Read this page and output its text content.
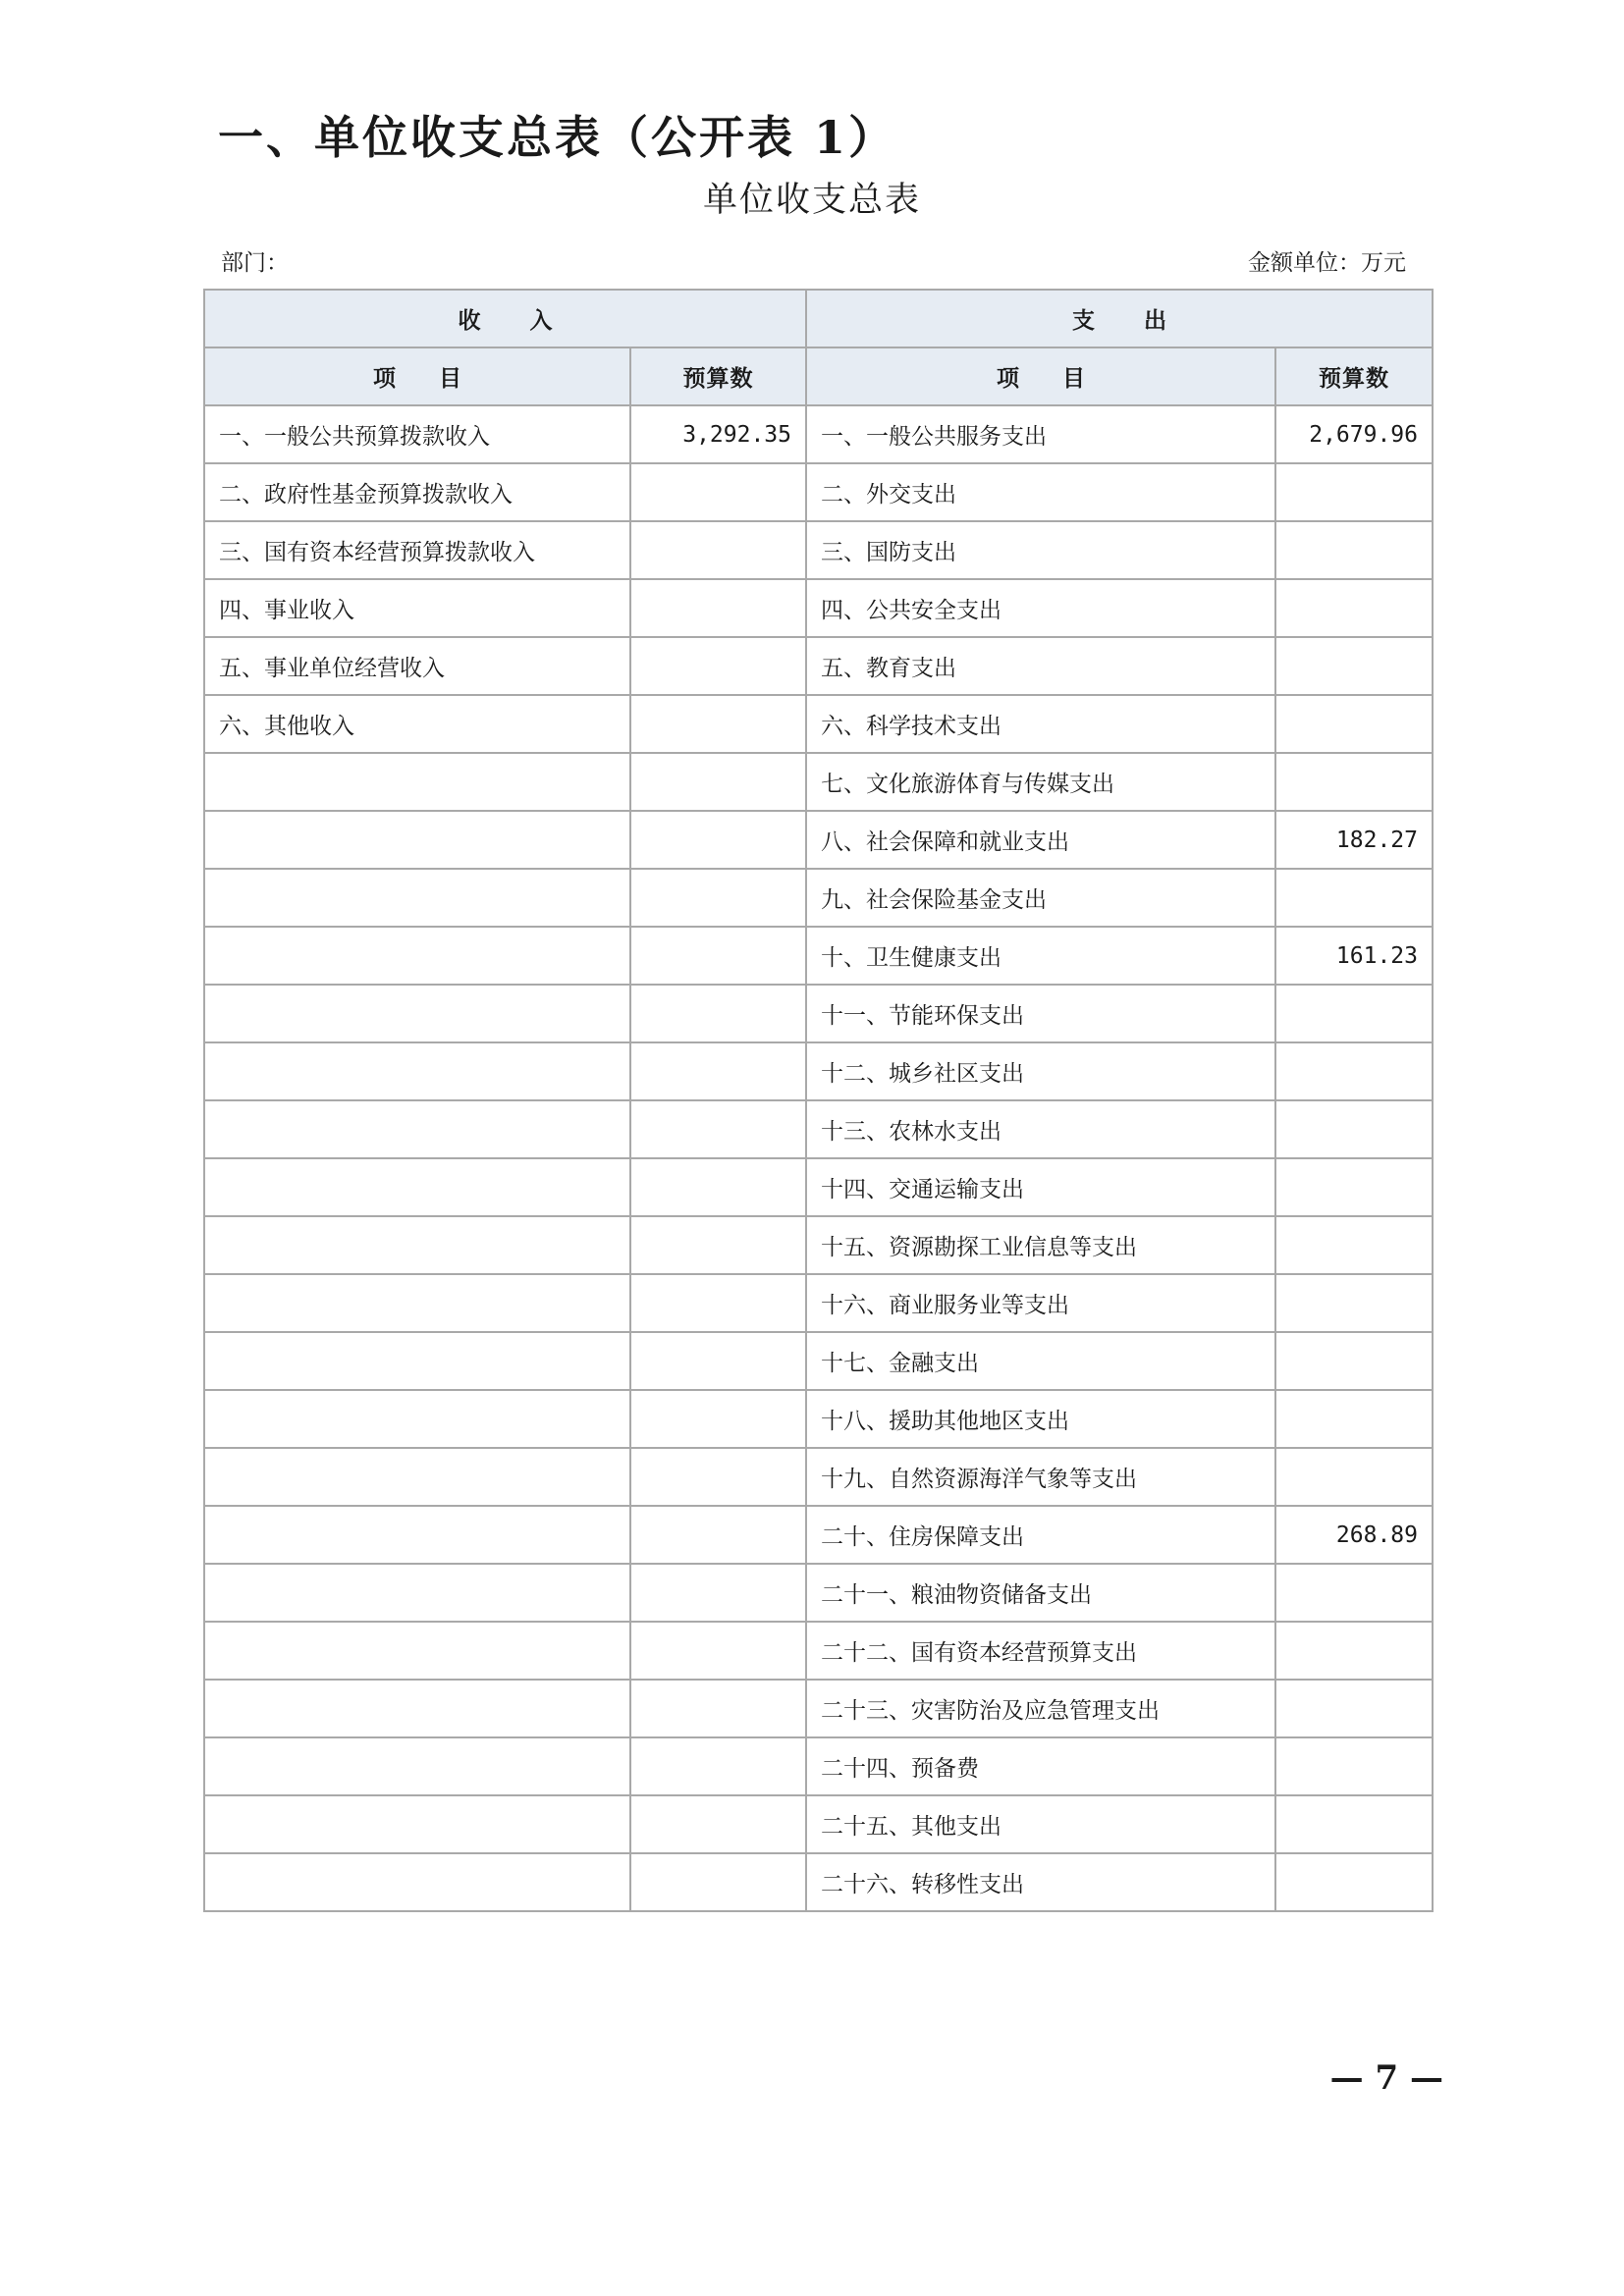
一、单位收支总表（公开表 1）
单位收支总表
部门：	金额单位：万元
收入		支出	
项目	预算数	项目	预算数
一、一般公共预算拨款收入	3,292.35	一、一般公共服务支出	2,679.96
二、政府性基金预算拨款收入		二、外交支出	
三、国有资本经营预算拨款收入		三、国防支出	
四、事业收入		四、公共安全支出	
五、事业单位经营收入		五、教育支出	
六、其他收入		六、科学技术支出	
		七、文化旅游体育与传媒支出	
		八、社会保障和就业支出	182.27
		九、社会保险基金支出	
		十、卫生健康支出	161.23
		十一、节能环保支出	
		十二、城乡社区支出	
		十三、农林水支出	
		十四、交通运输支出	
		十五、资源勘探工业信息等支出	
		十六、商业服务业等支出	
		十七、金融支出	
		十八、援助其他地区支出	
		十九、自然资源海洋气象等支出	
		二十、住房保障支出	268.89
		二十一、粮油物资储备支出	
		二十二、国有资本经营预算支出	
		二十三、灾害防治及应急管理支出	
		二十四、预备费	
		二十五、其他支出	
		二十六、转移性支出	
— 7 —
